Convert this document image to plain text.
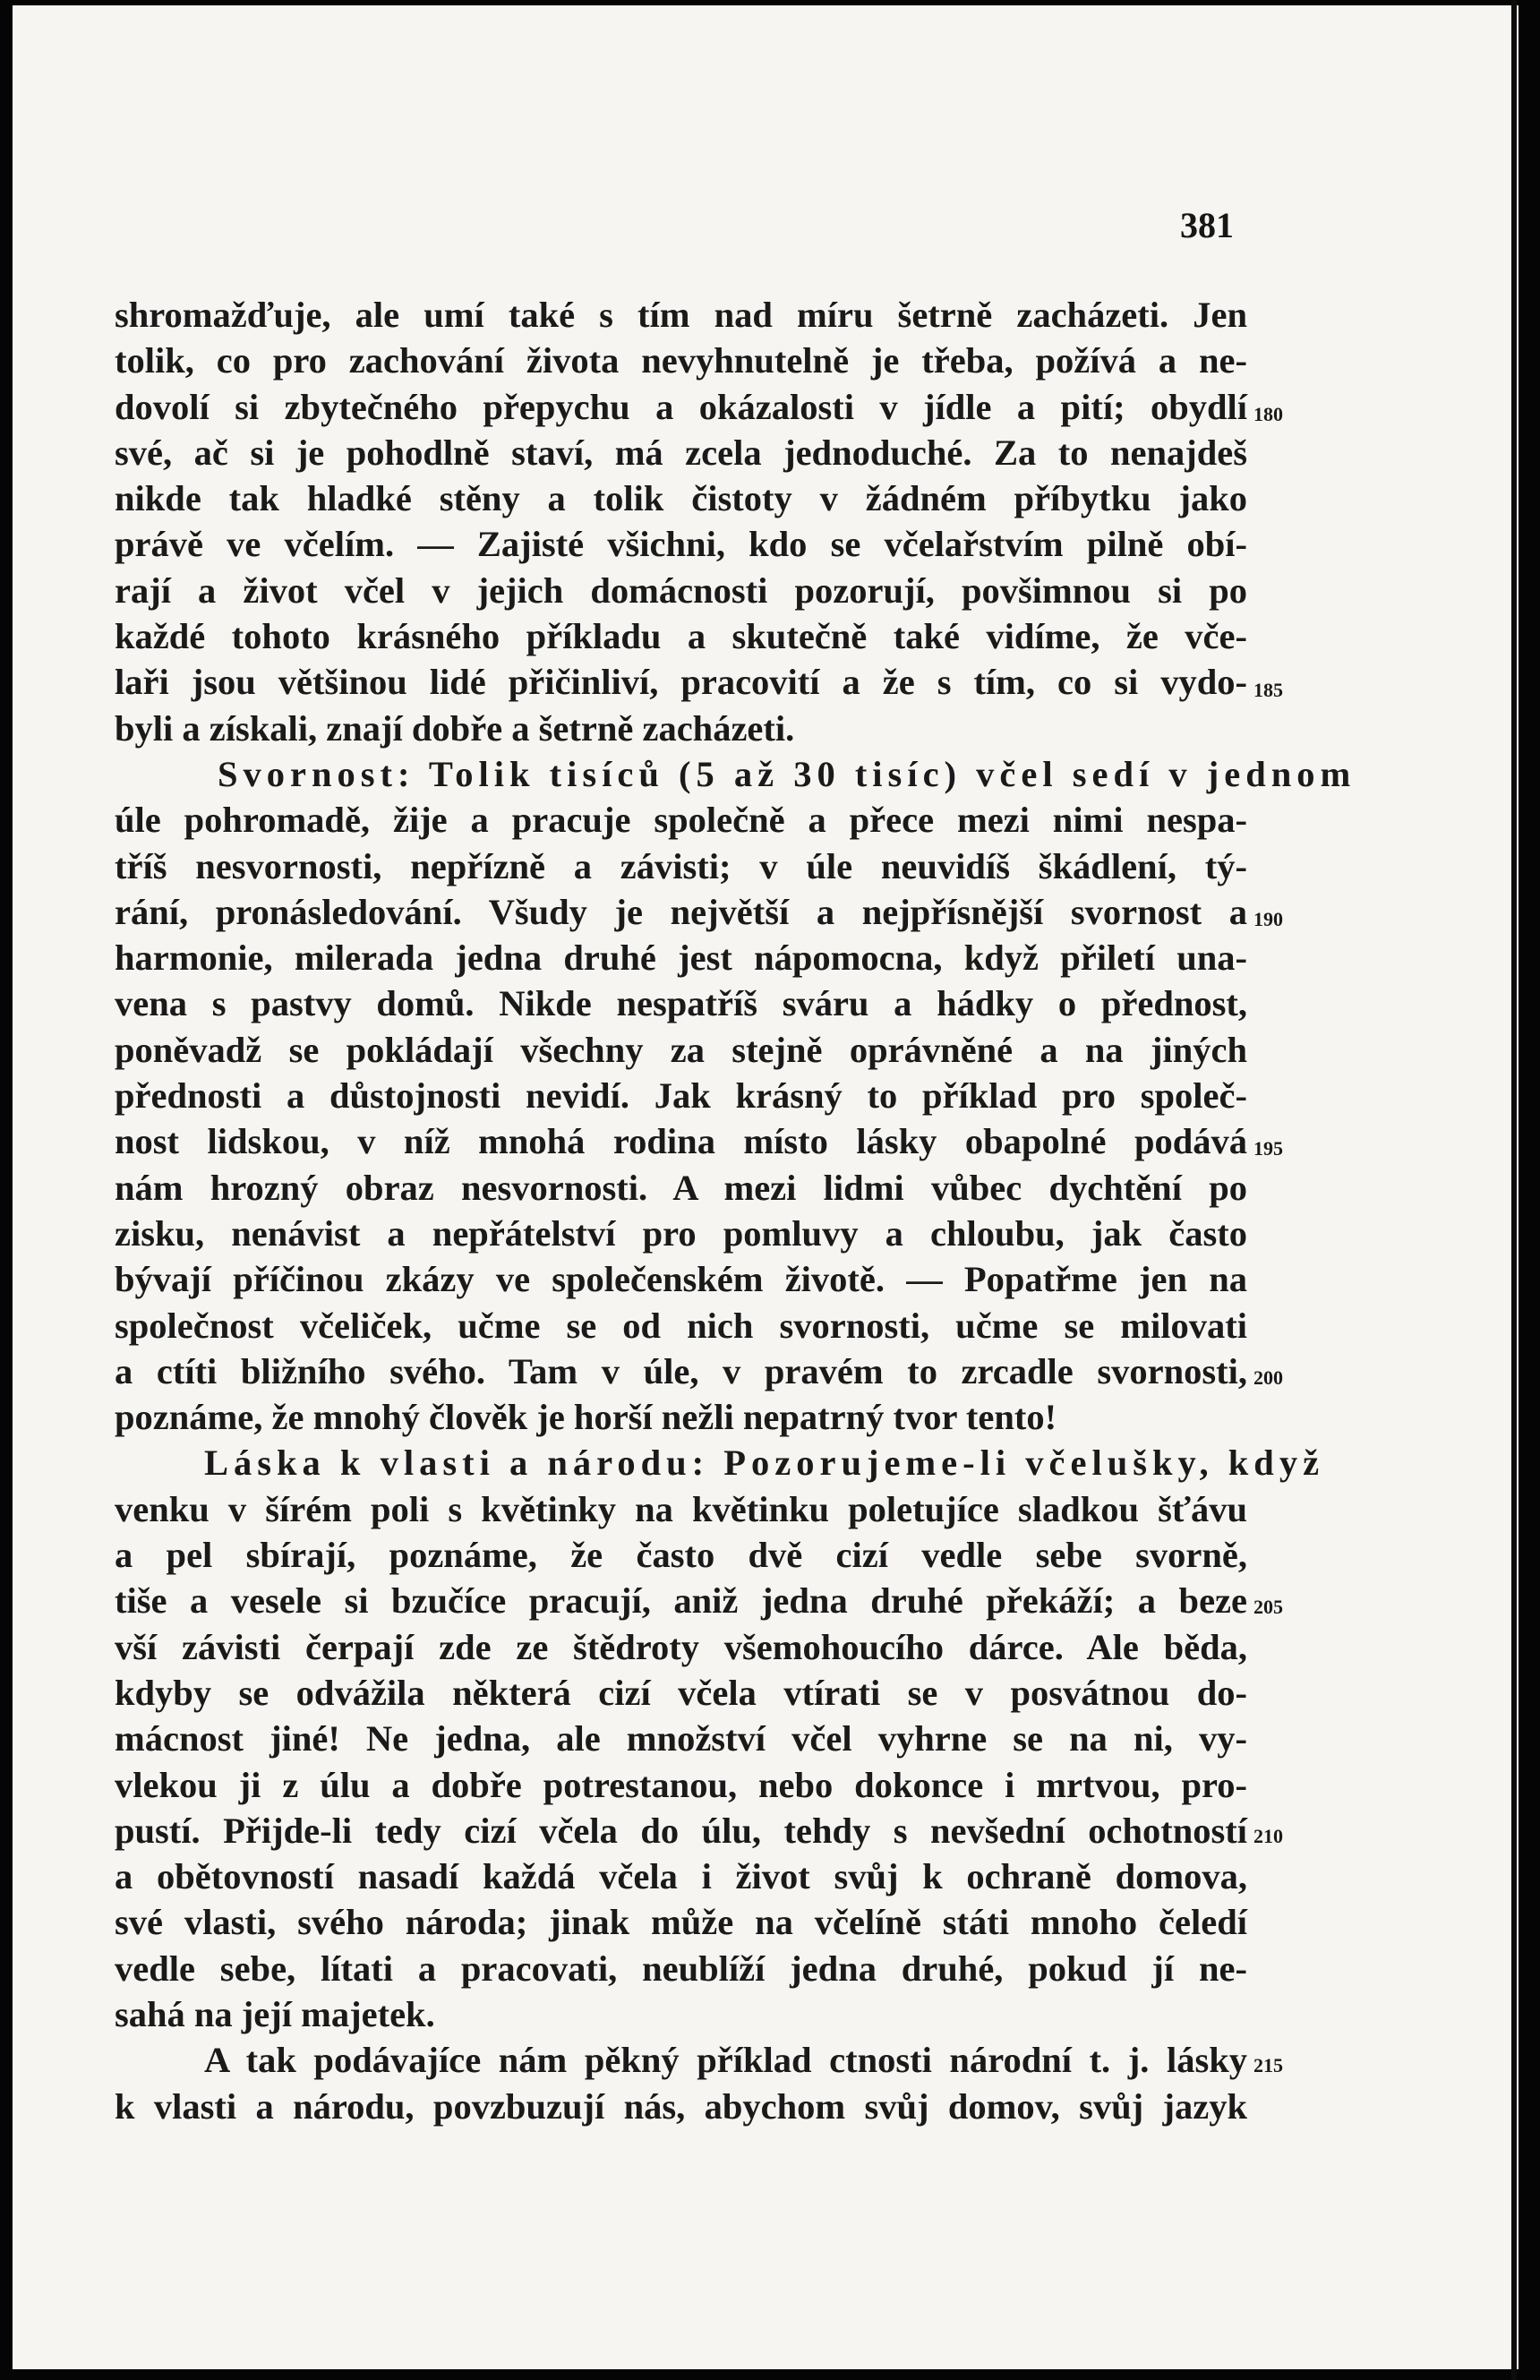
381
shromažďuje, ale umí také s tím nad míru šetrně zacházeti. Jen
tolik, co pro zachování života nevyhnutelně je třeba, požívá a ne-
dovolí si zbytečného přepychu a okázalosti v jídle a pití; obydlí
své, ač si je pohodlně staví, má zcela jednoduché. Za to nenajdeš
nikde tak hladké stěny a tolik čistoty v žádném příbytku jako
právě ve včelím. — Zajisté všichni, kdo se včelařstvím pilně obí-
rají a život včel v jejich domácnosti pozorují, povšimnou si po
každé tohoto krásného příkladu a skutečně také vidíme, že vče-
laři jsou většinou lidé přičinliví, pracovití a že s tím, co si vydo-
byli a získali, znají dobře a šetrně zacházeti.
Svornost: Tolik tisíců (5 až 30 tisíc) včel sedí v jednom
úle pohromadě, žije a pracuje společně a přece mezi nimi nespa-
tříš nesvornosti, nepřízně a závisti; v úle neuvidíš škádlení, tý-
rání, pronásledování. Všudy je největší a nejpřísnější svornost a
harmonie, milerada jedna druhé jest nápomocna, když přiletí una-
vena s pastvy domů. Nikde nespatříš sváru a hádky o přednost,
poněvadž se pokládají všechny za stejně oprávněné a na jiných
přednosti a důstojnosti nevidí. Jak krásný to příklad pro společ-
nost lidskou, v níž mnohá rodina místo lásky obapolné podává
nám hrozný obraz nesvornosti. A mezi lidmi vůbec dychtění po
zisku, nenávist a nepřátelství pro pomluvy a chloubu, jak často
bývají příčinou zkázy ve společenském životě. — Popatřme jen na
společnost včeliček, učme se od nich svornosti, učme se milovati
a ctíti bližního svého. Tam v úle, v pravém to zrcadle svornosti,
poznáme, že mnohý člověk je horší nežli nepatrný tvor tento!
Láska k vlasti a národu: Pozorujeme-li včelušky, když
venku v šírém poli s květinky na květinku poletujíce sladkou šťávu
a pel sbírají, poznáme, že často dvě cizí vedle sebe svorně,
tiše a vesele si bzučíce pracují, aniž jedna druhé překáží; a beze
vší závisti čerpají zde ze štědroty všemohoucího dárce. Ale běda,
kdyby se odvážila některá cizí včela vtírati se v posvátnou do-
mácnost jiné! Ne jedna, ale množství včel vyhrne se na ni, vy-
vlekou ji z úlu a dobře potrestanou, nebo dokonce i mrtvou, pro-
pustí. Přijde-li tedy cizí včela do úlu, tehdy s nevšední ochotností
a obětovností nasadí každá včela i život svůj k ochraně domova,
své vlasti, svého národa; jinak může na včelíně státi mnoho čeledí
vedle sebe, lítati a pracovati, neublíží jedna druhé, pokud jí ne-
sahá na její majetek.
A tak podávajíce nám pěkný příklad ctnosti národní t. j. lásky
k vlasti a národu, povzbuzují nás, abychom svůj domov, svůj jazyk
180
185
190
195
200
205
210
215
